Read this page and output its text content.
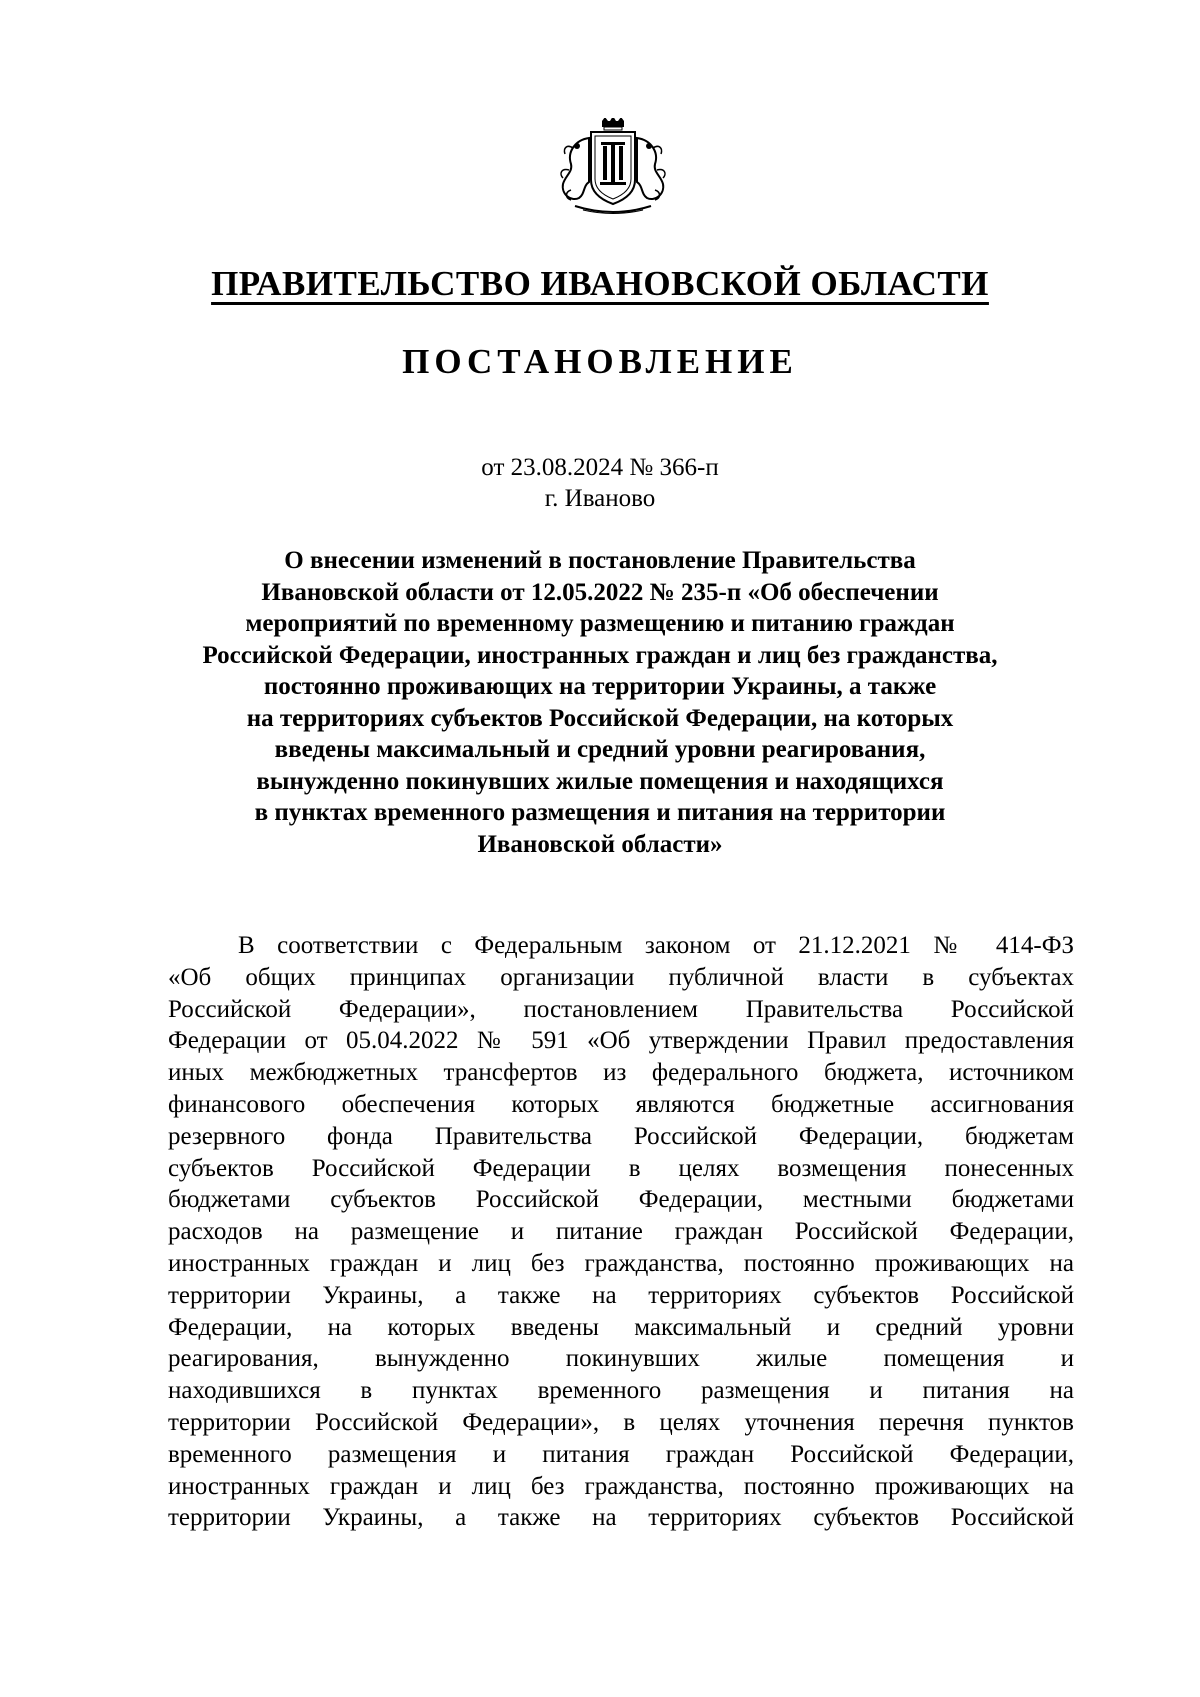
ПРАВИТЕЛЬСТВО ИВАНОВСКОЙ ОБЛАСТИ
ПОСТАНОВЛЕНИЕ
от 23.08.2024 № 366-п
г. Иваново
О внесении изменений в постановление Правительства
Ивановской области от 12.05.2022 № 235-п «Об обеспечении
мероприятий по временному размещению и питанию граждан
Российской Федерации, иностранных граждан и лиц без гражданства,
постоянно проживающих на территории Украины, а также
на территориях субъектов Российской Федерации, на которых
введены максимальный и средний уровни реагирования,
вынужденно покинувших жилые помещения и находящихся
в пунктах временного размещения и питания на территории
Ивановской области»
В соответствии с Федеральным законом от 21.12.2021 № 414-ФЗ
«Об общих принципах организации публичной власти в субъектах
Российской Федерации», постановлением Правительства Российской
Федерации от 05.04.2022 № 591 «Об утверждении Правил предоставления
иных межбюджетных трансфертов из федерального бюджета, источником
финансового обеспечения которых являются бюджетные ассигнования
резервного фонда Правительства Российской Федерации, бюджетам
субъектов Российской Федерации в целях возмещения понесенных
бюджетами субъектов Российской Федерации, местными бюджетами
расходов на размещение и питание граждан Российской Федерации,
иностранных граждан и лиц без гражданства, постоянно проживающих на
территории Украины, а также на территориях субъектов Российской
Федерации, на которых введены максимальный и средний уровни
реагирования, вынужденно покинувших жилые помещения и
находившихся в пунктах временного размещения и питания на
территории Российской Федерации», в целях уточнения перечня пунктов
временного размещения и питания граждан Российской Федерации,
иностранных граждан и лиц без гражданства, постоянно проживающих на
территории Украины, а также на территориях субъектов Российской
